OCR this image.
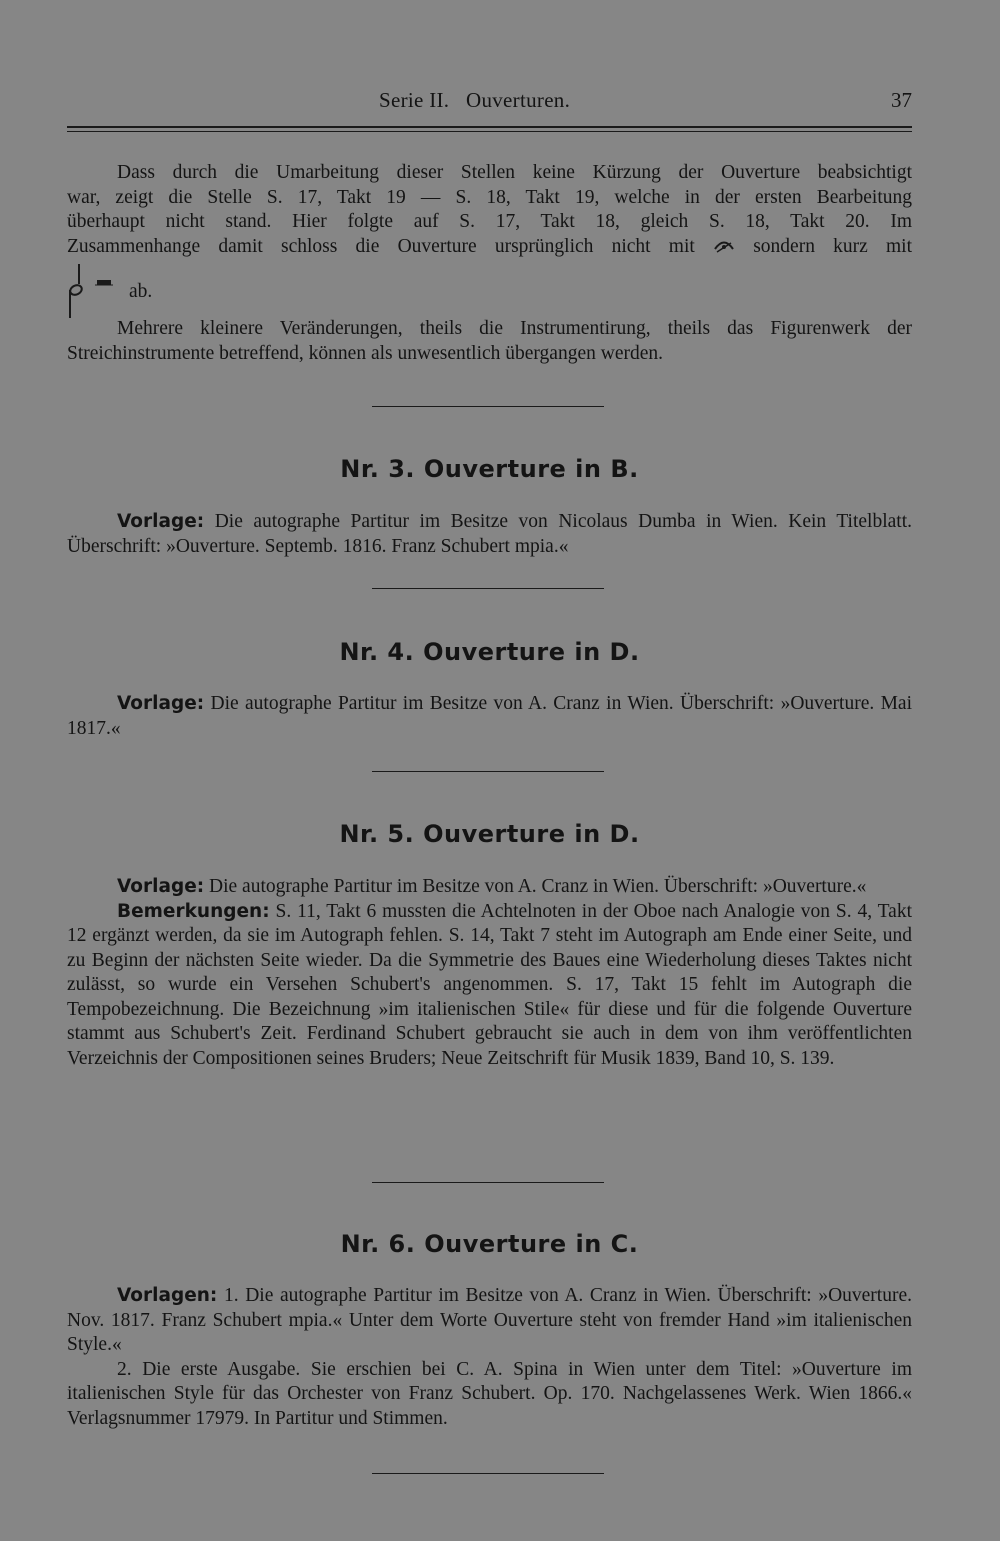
Serie II.   Ouverturen.	37

Dass durch die Umarbeitung dieser Stellen keine Kürzung der Ouverture beabsichtigt

war, zeigt die Stelle S. 17, Takt 19 — S. 18, Takt 19, welche in der ersten Bearbeitung

überhaupt nicht stand. Hier folgte auf S. 17, Takt 18, gleich S. 18, Takt 20. Im

Zusammenhange damit schloss die Ouverture ursprünglich nicht mit	sondern kurz mit

ab.

Mehrere kleinere Veränderungen, theils die Instrumentirung, theils das Figurenwerk der Streichinstrumente betreffend, können als unwesentlich übergangen werden.

Nr. 3. Ouverture in B.

Vorlage: Die autographe Partitur im Besitze von Nicolaus Dumba in Wien. Kein Titelblatt. Überschrift: »Ouverture. Septemb. 1816. Franz Schubert mpia.«

Nr. 4. Ouverture in D.

Vorlage: Die autographe Partitur im Besitze von A. Cranz in Wien. Überschrift: »Ouverture. Mai 1817.«

Nr. 5. Ouverture in D.

Vorlage: Die autographe Partitur im Besitze von A. Cranz in Wien. Überschrift: »Ouverture.«

Bemerkungen: S. 11, Takt 6 mussten die Achtelnoten in der Oboe nach Analogie von S. 4, Takt 12 ergänzt werden, da sie im Autograph fehlen. S. 14, Takt 7 steht im Autograph am Ende einer Seite, und zu Beginn der nächsten Seite wieder. Da die Symmetrie des Baues eine Wiederholung dieses Taktes nicht zulässt, so wurde ein Versehen Schubert's angenommen. S. 17, Takt 15 fehlt im Autograph die Tempobezeichnung. Die Bezeichnung »im italienischen Stile« für diese und für die folgende Ouverture stammt aus Schubert's Zeit. Ferdinand Schubert gebraucht sie auch in dem von ihm veröffentlichten Verzeichnis der Compositionen seines Bruders; Neue Zeitschrift für Musik 1839, Band 10, S. 139.

Nr. 6. Ouverture in C.

Vorlagen: 1. Die autographe Partitur im Besitze von A. Cranz in Wien. Überschrift: »Ouverture. Nov. 1817. Franz Schubert mpia.« Unter dem Worte Ouverture steht von fremder Hand »im italienischen Style.«

2. Die erste Ausgabe. Sie erschien bei C. A. Spina in Wien unter dem Titel: »Ouverture im italienischen Style für das Orchester von Franz Schubert. Op. 170. Nachgelassenes Werk. Wien 1866.« Verlagsnummer 17979. In Partitur und Stimmen.
